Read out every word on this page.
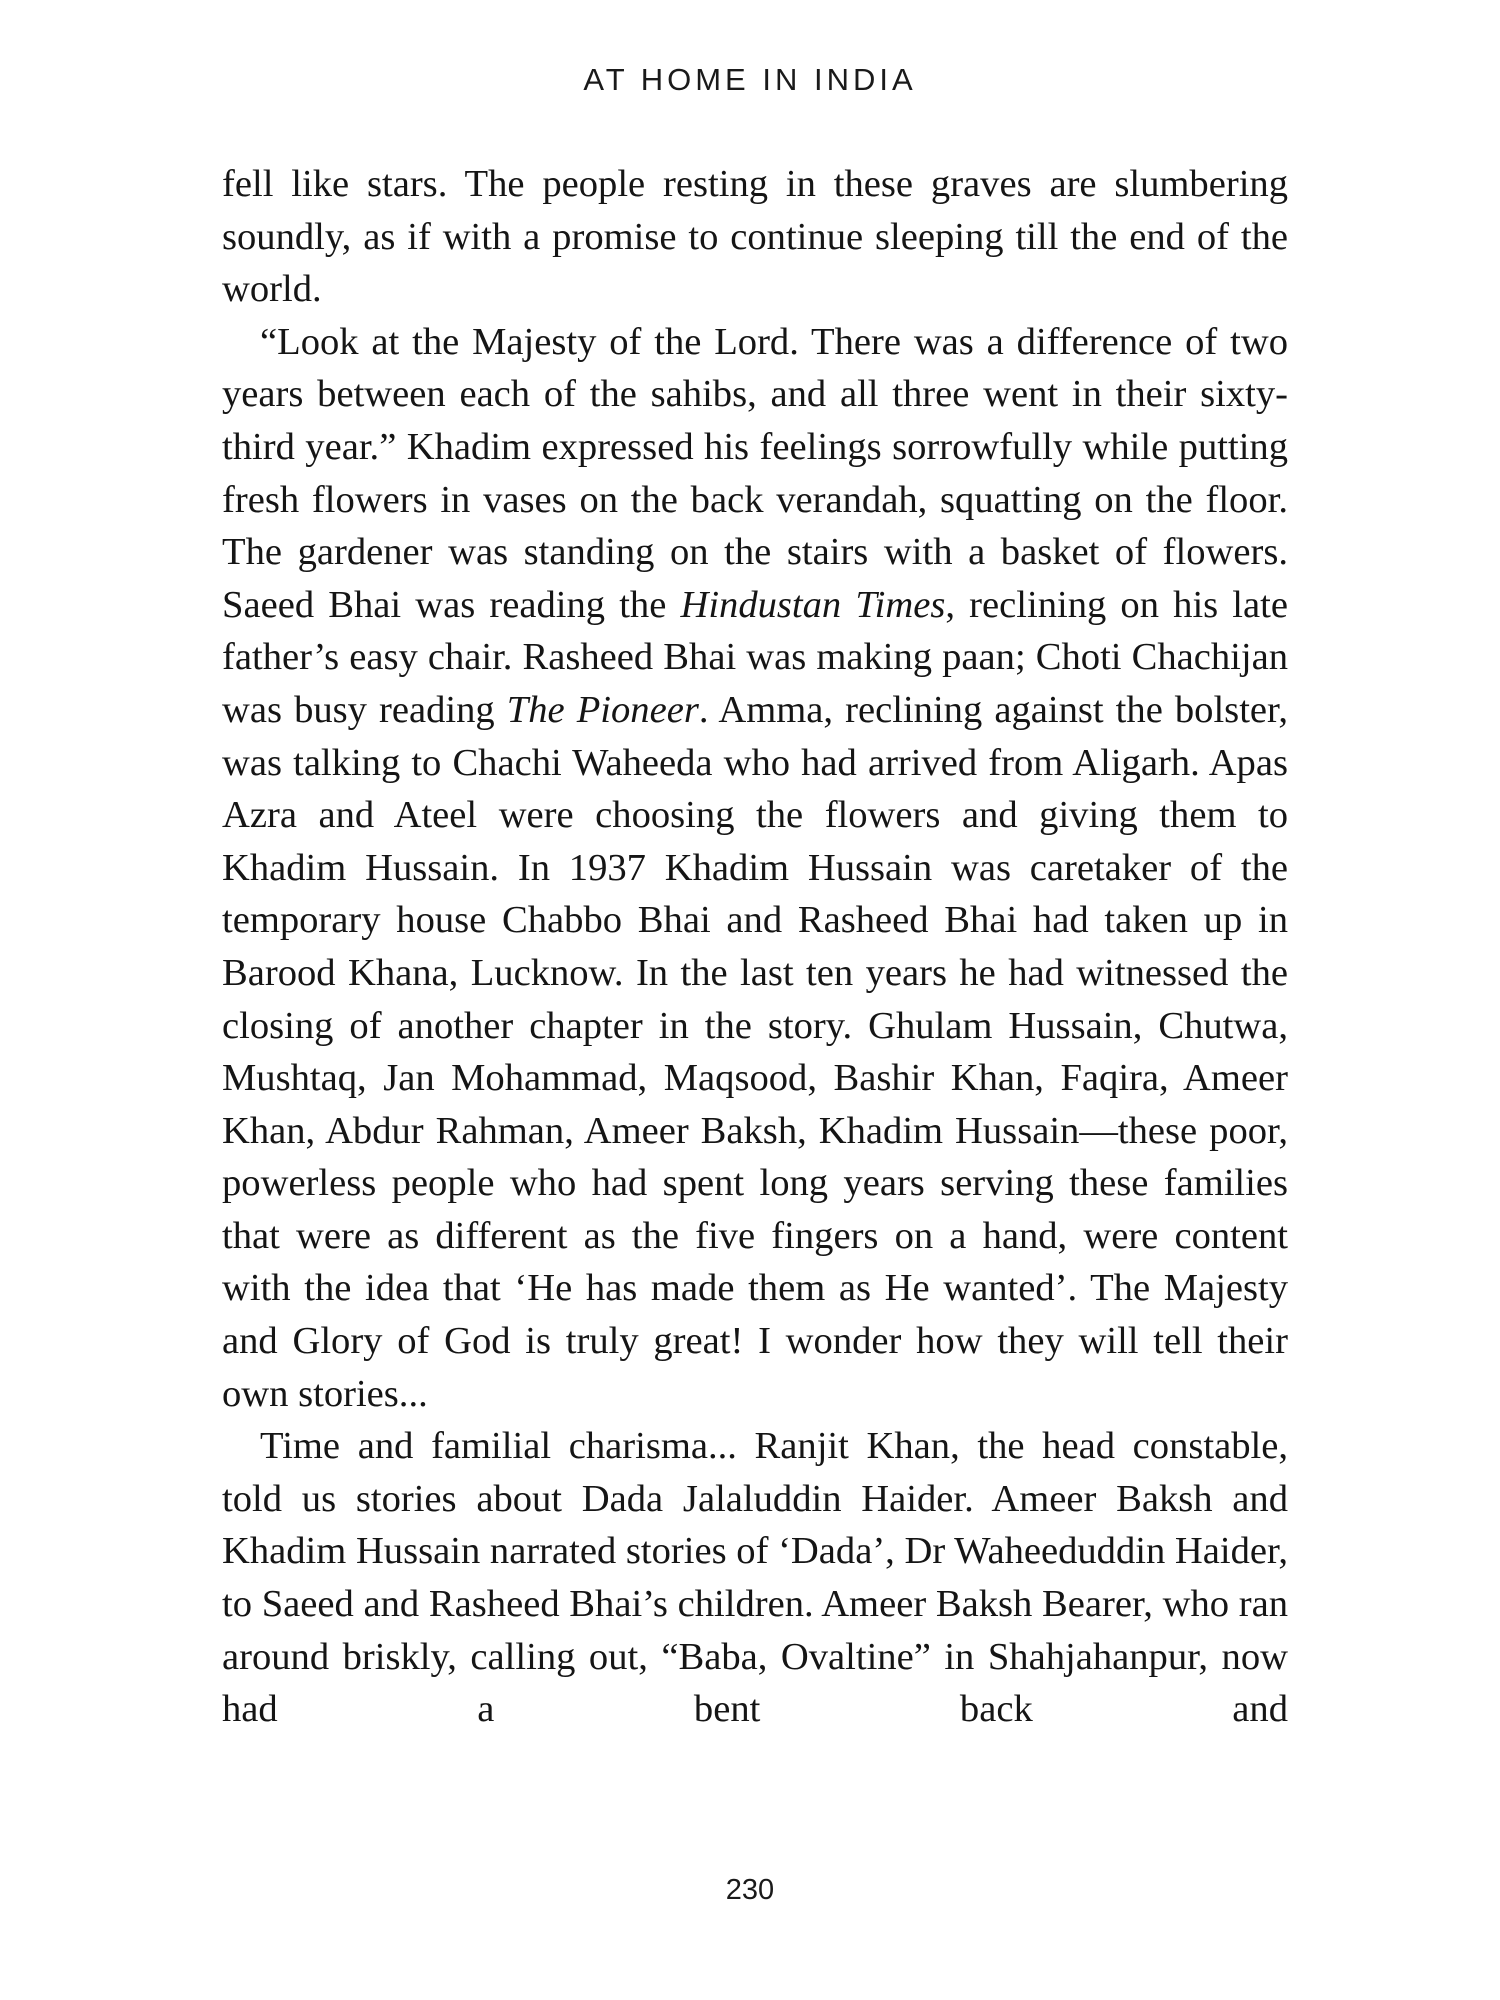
AT HOME IN INDIA

fell like stars. The people resting in these graves are slumbering soundly, as if with a promise to continue sleeping till the end of the world.

“Look at the Majesty of the Lord. There was a difference of two years between each of the sahibs, and all three went in their sixty-third year.” Khadim expressed his feelings sorrowfully while putting fresh flowers in vases on the back verandah, squatting on the floor. The gardener was standing on the stairs with a basket of flowers. Saeed Bhai was reading the Hindustan Times, reclining on his late father’s easy chair. Rasheed Bhai was making paan; Choti Chachijan was busy reading The Pioneer. Amma, reclining against the bolster, was talking to Chachi Waheeda who had arrived from Aligarh. Apas Azra and Ateel were choosing the flowers and giving them to Khadim Hussain. In 1937 Khadim Hussain was caretaker of the temporary house Chabbo Bhai and Rasheed Bhai had taken up in Barood Khana, Lucknow. In the last ten years he had witnessed the closing of another chapter in the story. Ghulam Hussain, Chutwa, Mushtaq, Jan Mohammad, Maqsood, Bashir Khan, Faqira, Ameer Khan, Abdur Rahman, Ameer Baksh, Khadim Hussain—these poor, powerless people who had spent long years serving these families that were as different as the five fingers on a hand, were content with the idea that ‘He has made them as He wanted’. The Majesty and Glory of God is truly great! I wonder how they will tell their own stories...

Time and familial charisma... Ranjit Khan, the head constable, told us stories about Dada Jalaluddin Haider. Ameer Baksh and Khadim Hussain narrated stories of ‘Dada’, Dr Waheeduddin Haider, to Saeed and Rasheed Bhai’s children. Ameer Baksh Bearer, who ran around briskly, calling out, “Baba, Ovaltine” in Shahjahanpur, now had a bent back and

230
